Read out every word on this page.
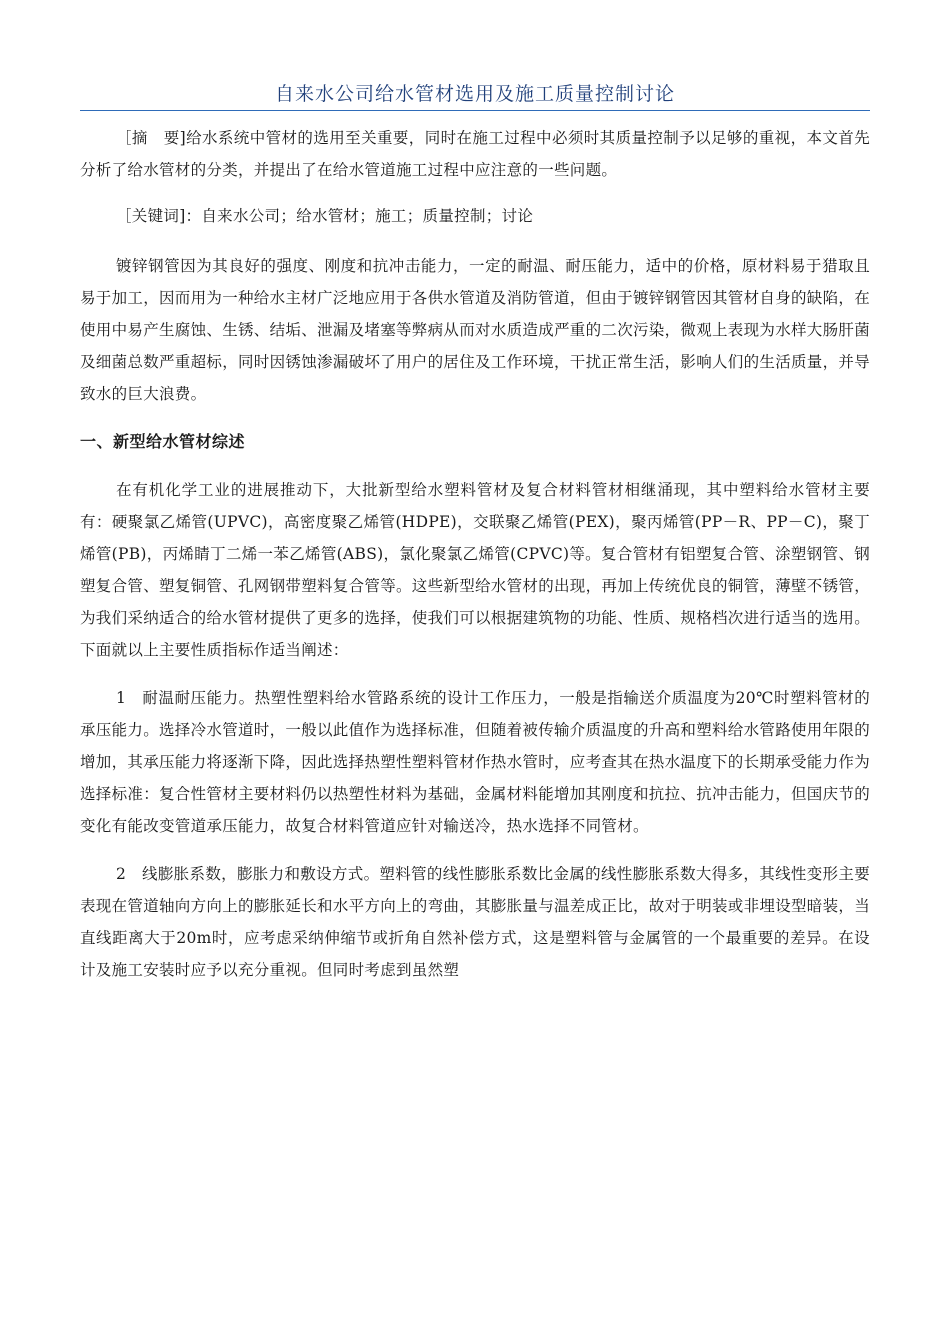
自来水公司给水管材选用及施工质量控制讨论

［摘　要]给水系统中管材的选用至关重要，同时在施工过程中必须时其质量控制予以足够的重视，本文首先分析了给水管材的分类，并提出了在给水管道施工过程中应注意的一些问题。

［关键词]：自来水公司；给水管材；施工；质量控制；讨论

镀锌钢管因为其良好的强度、刚度和抗冲击能力，一定的耐温、耐压能力，适中的价格，原材料易于猎取且易于加工，因而用为一种给水主材广泛地应用于各供水管道及消防管道，但由于镀锌钢管因其管材自身的缺陷，在使用中易产生腐蚀、生锈、结垢、泄漏及堵塞等弊病从而对水质造成严重的二次污染，微观上表现为水样大肠肝菌及细菌总数严重超标，同时因锈蚀渗漏破坏了用户的居住及工作环境，干扰正常生活，影响人们的生活质量，并导致水的巨大浪费。

一、新型给水管材综述

在有机化学工业的进展推动下，大批新型给水塑料管材及复合材料管材相继涌现，其中塑料给水管材主要有：硬聚氯乙烯管(UPVC)，高密度聚乙烯管(HDPE)，交联聚乙烯管(PEX)，聚丙烯管(PP－R、PP－C)，聚丁烯管(PB)，丙烯睛丁二烯一苯乙烯管(ABS)，氯化聚氯乙烯管(CPVC)等。复合管材有铝塑复合管、涂塑钢管、钢塑复合管、塑复铜管、孔网钢带塑料复合管等。这些新型给水管材的出现，再加上传统优良的铜管，薄壁不锈管，为我们采纳适合的给水管材提供了更多的选择，使我们可以根据建筑物的功能、性质、规格档次进行适当的选用。下面就以上主要性质指标作适当阐述：

1　耐温耐压能力。热塑性塑料给水管路系统的设计工作压力，一般是指输送介质温度为20℃时塑料管材的承压能力。选择冷水管道时，一般以此值作为选择标准，但随着被传输介质温度的升高和塑料给水管路使用年限的增加，其承压能力将逐渐下降，因此选择热塑性塑料管材作热水管时，应考查其在热水温度下的长期承受能力作为选择标准：复合性管材主要材料仍以热塑性材料为基础，金属材料能增加其刚度和抗拉、抗冲击能力，但国庆节的变化有能改变管道承压能力，故复合材料管道应针对输送冷，热水选择不同管材。

2　线膨胀系数，膨胀力和敷设方式。塑料管的线性膨胀系数比金属的线性膨胀系数大得多，其线性变形主要表现在管道轴向方向上的膨胀延长和水平方向上的弯曲，其膨胀量与温差成正比，故对于明装或非埋设型暗装，当直线距离大于20m时，应考虑采纳伸缩节或折角自然补偿方式，这是塑料管与金属管的一个最重要的差异。在设计及施工安装时应予以充分重视。但同时考虑到虽然塑
